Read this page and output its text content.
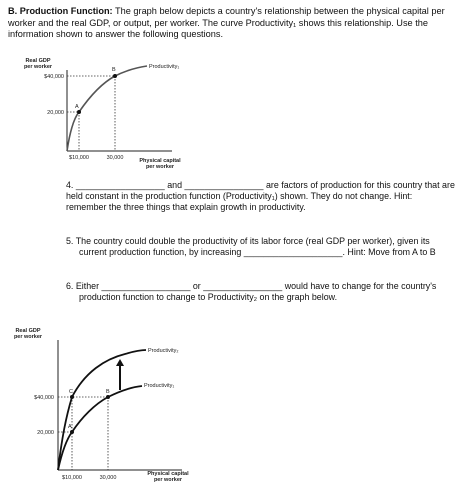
B. Production Function: The graph below depicts a country's relationship between the physical capital per worker and the real GDP, or output, per worker. The curve Productivity₁ shows this relationship. Use the information shown to answer the following questions.
Real GDP
per worker
$40,000
20,000
$10,000	30,000
Productivity₁
A
B
Physical capital
per worker
4. __________________ and ________________ are factors of production for this country that are
held constant in the production function (Productivity₁) shown. They do not change. Hint:
remember the three things that explain growth in productivity.
5. The country could double the productivity of its labor force (real GDP per worker), given its
current production function, by increasing ____________________. Hint: Move from A to B
6. Either __________________ or ________________ would have to change for the country's
production function to change to Productivity₂ on the graph below.
Real GDP
per worker
$40,000
20,000
$10,000	30,000
Productivity₂
Productivity₁
A
B
C
Physical capital
per worker
